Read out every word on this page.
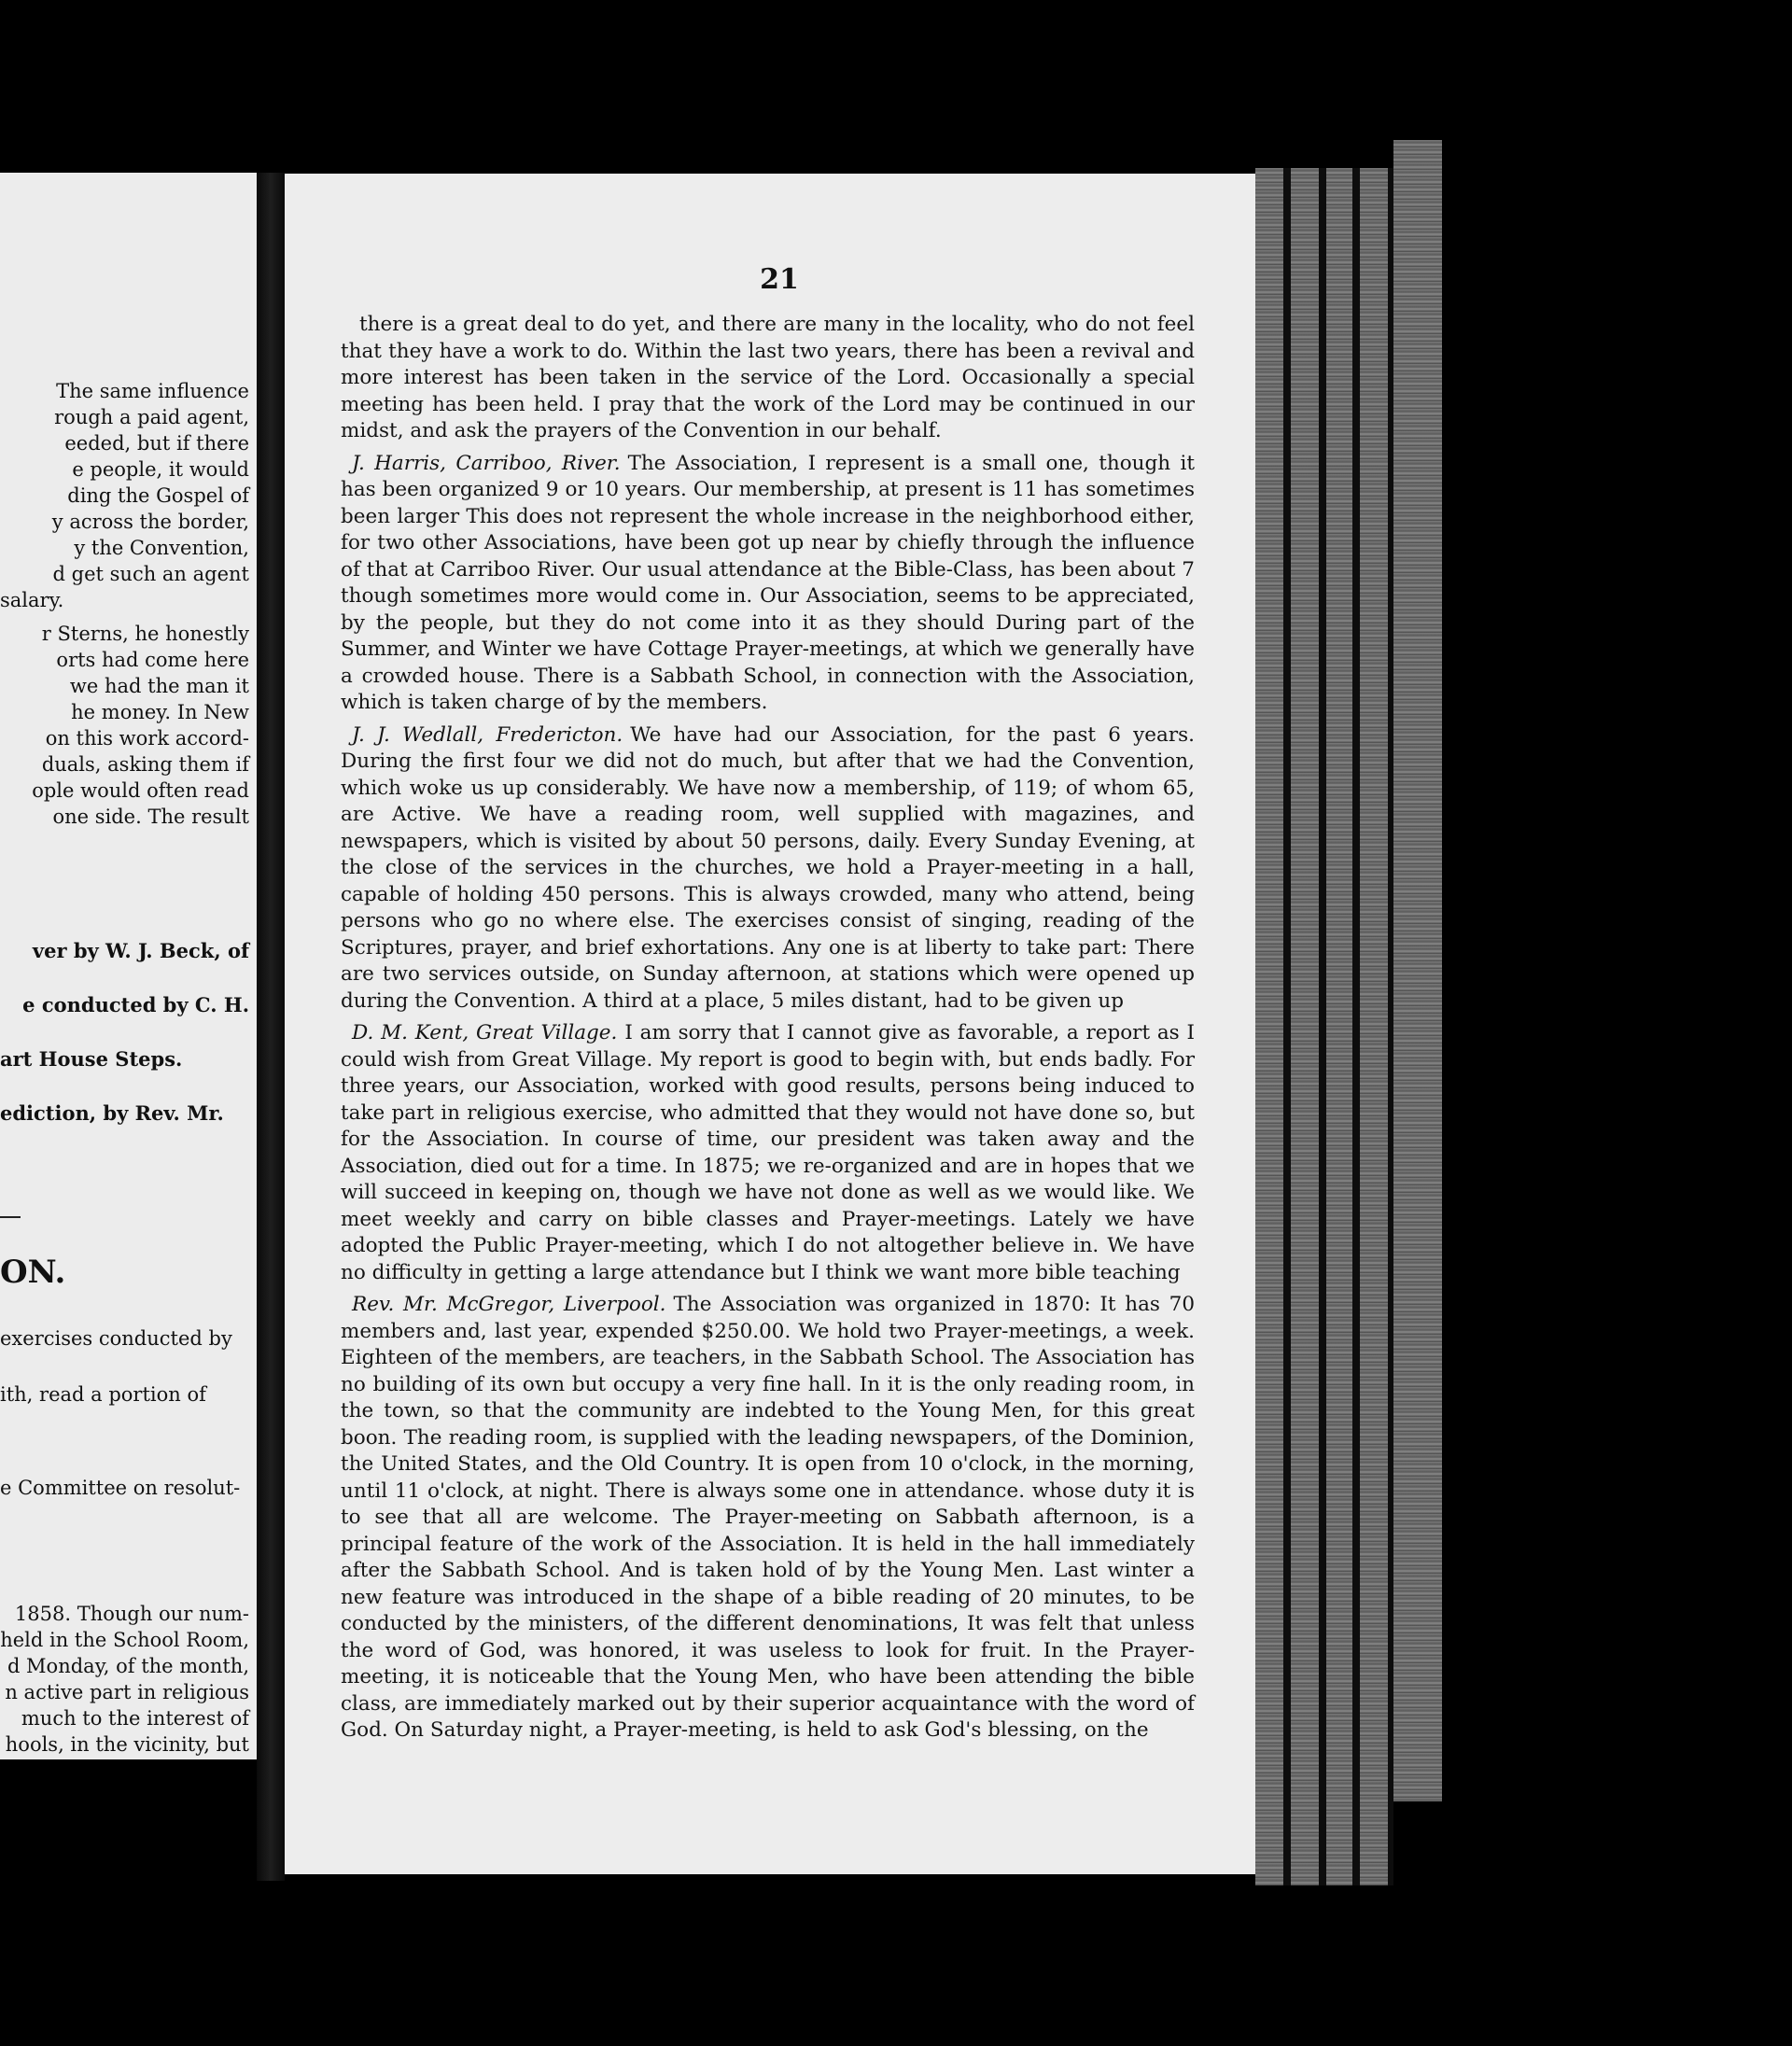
The same influence
rough a paid agent,
eeded, but if there
e people, it would
ding the Gospel of
y across the border,
y the Convention,
d get such an agent
salary.
r Sterns, he honestly
orts had come here
we had the man it
he money. In New
on this work accord-
duals, asking them if
ople would often read
one side. The result
ver by W. J. Beck, of
e conducted by C. H.
art House Steps.
ediction, by Rev. Mr.
ON.
exercises conducted by
ith, read a portion of
e Committee on resolut-
1858. Though our num-
held in the School Room,
d Monday, of the month,
n active part in religious
much to the interest of
hools, in the vicinity, but
21

there is a great deal to do yet, and there are many in the locality, who do not feel that they have a work to do. Within the last two years, there has been a revival and more interest has been taken in the service of the Lord. Occasionally a special meeting has been held. I pray that the work of the Lord may be continued in our midst, and ask the prayers of the Convention in our behalf.

J. Harris, Carriboo, River. The Association, I represent is a small one, though it has been organized 9 or 10 years. Our membership, at present is 11 has sometimes been larger This does not represent the whole increase in the neighborhood either, for two other Associations, have been got up near by chiefly through the influence of that at Carriboo River. Our usual attendance at the Bible-Class, has been about 7 though sometimes more would come in. Our Association, seems to be appreciated, by the people, but they do not come into it as they should During part of the Summer, and Winter we have Cottage Prayer-meetings, at which we generally have a crowded house. There is a Sabbath School, in connection with the Association, which is taken charge of by the members.

J. J. Wedlall, Fredericton. We have had our Association, for the past 6 years. During the first four we did not do much, but after that we had the Convention, which woke us up considerably. We have now a membership, of 119; of whom 65, are Active. We have a reading room, well supplied with magazines, and newspapers, which is visited by about 50 persons, daily. Every Sunday Evening, at the close of the services in the churches, we hold a Prayer-meeting in a hall, capable of holding 450 persons. This is always crowded, many who attend, being persons who go no where else. The exercises consist of singing, reading of the Scriptures, prayer, and brief exhortations. Any one is at liberty to take part: There are two services outside, on Sunday afternoon, at stations which were opened up during the Convention. A third at a place, 5 miles distant, had to be given up

D. M. Kent, Great Village. I am sorry that I cannot give as favorable, a report as I could wish from Great Village. My report is good to begin with, but ends badly. For three years, our Association, worked with good results, persons being induced to take part in religious exercise, who admitted that they would not have done so, but for the Association. In course of time, our president was taken away and the Association, died out for a time. In 1875; we re-organized and are in hopes that we will succeed in keeping on, though we have not done as well as we would like. We meet weekly and carry on bible classes and Prayer-meetings. Lately we have adopted the Public Prayer-meeting, which I do not altogether believe in. We have no difficulty in getting a large attendance but I think we want more bible teaching

Rev. Mr. McGregor, Liverpool. The Association was organized in 1870: It has 70 members and, last year, expended $250.00. We hold two Prayer-meetings, a week. Eighteen of the members, are teachers, in the Sabbath School. The Association has no building of its own but occupy a very fine hall. In it is the only reading room, in the town, so that the community are indebted to the Young Men, for this great boon. The reading room, is supplied with the leading newspapers, of the Dominion, the United States, and the Old Country. It is open from 10 o'clock, in the morning, until 11 o'clock, at night. There is always some one in attendance. whose duty it is to see that all are welcome. The Prayer-meeting on Sabbath afternoon, is a principal feature of the work of the Association. It is held in the hall immediately after the Sabbath School. And is taken hold of by the Young Men. Last winter a new feature was introduced in the shape of a bible reading of 20 minutes, to be conducted by the ministers, of the different denominations, It was felt that unless the word of God, was honored, it was useless to look for fruit. In the Prayer-meeting, it is noticeable that the Young Men, who have been attending the bible class, are immediately marked out by their superior acquaintance with the word of God. On Saturday night, a Prayer-meeting, is held to ask God's blessing, on the
